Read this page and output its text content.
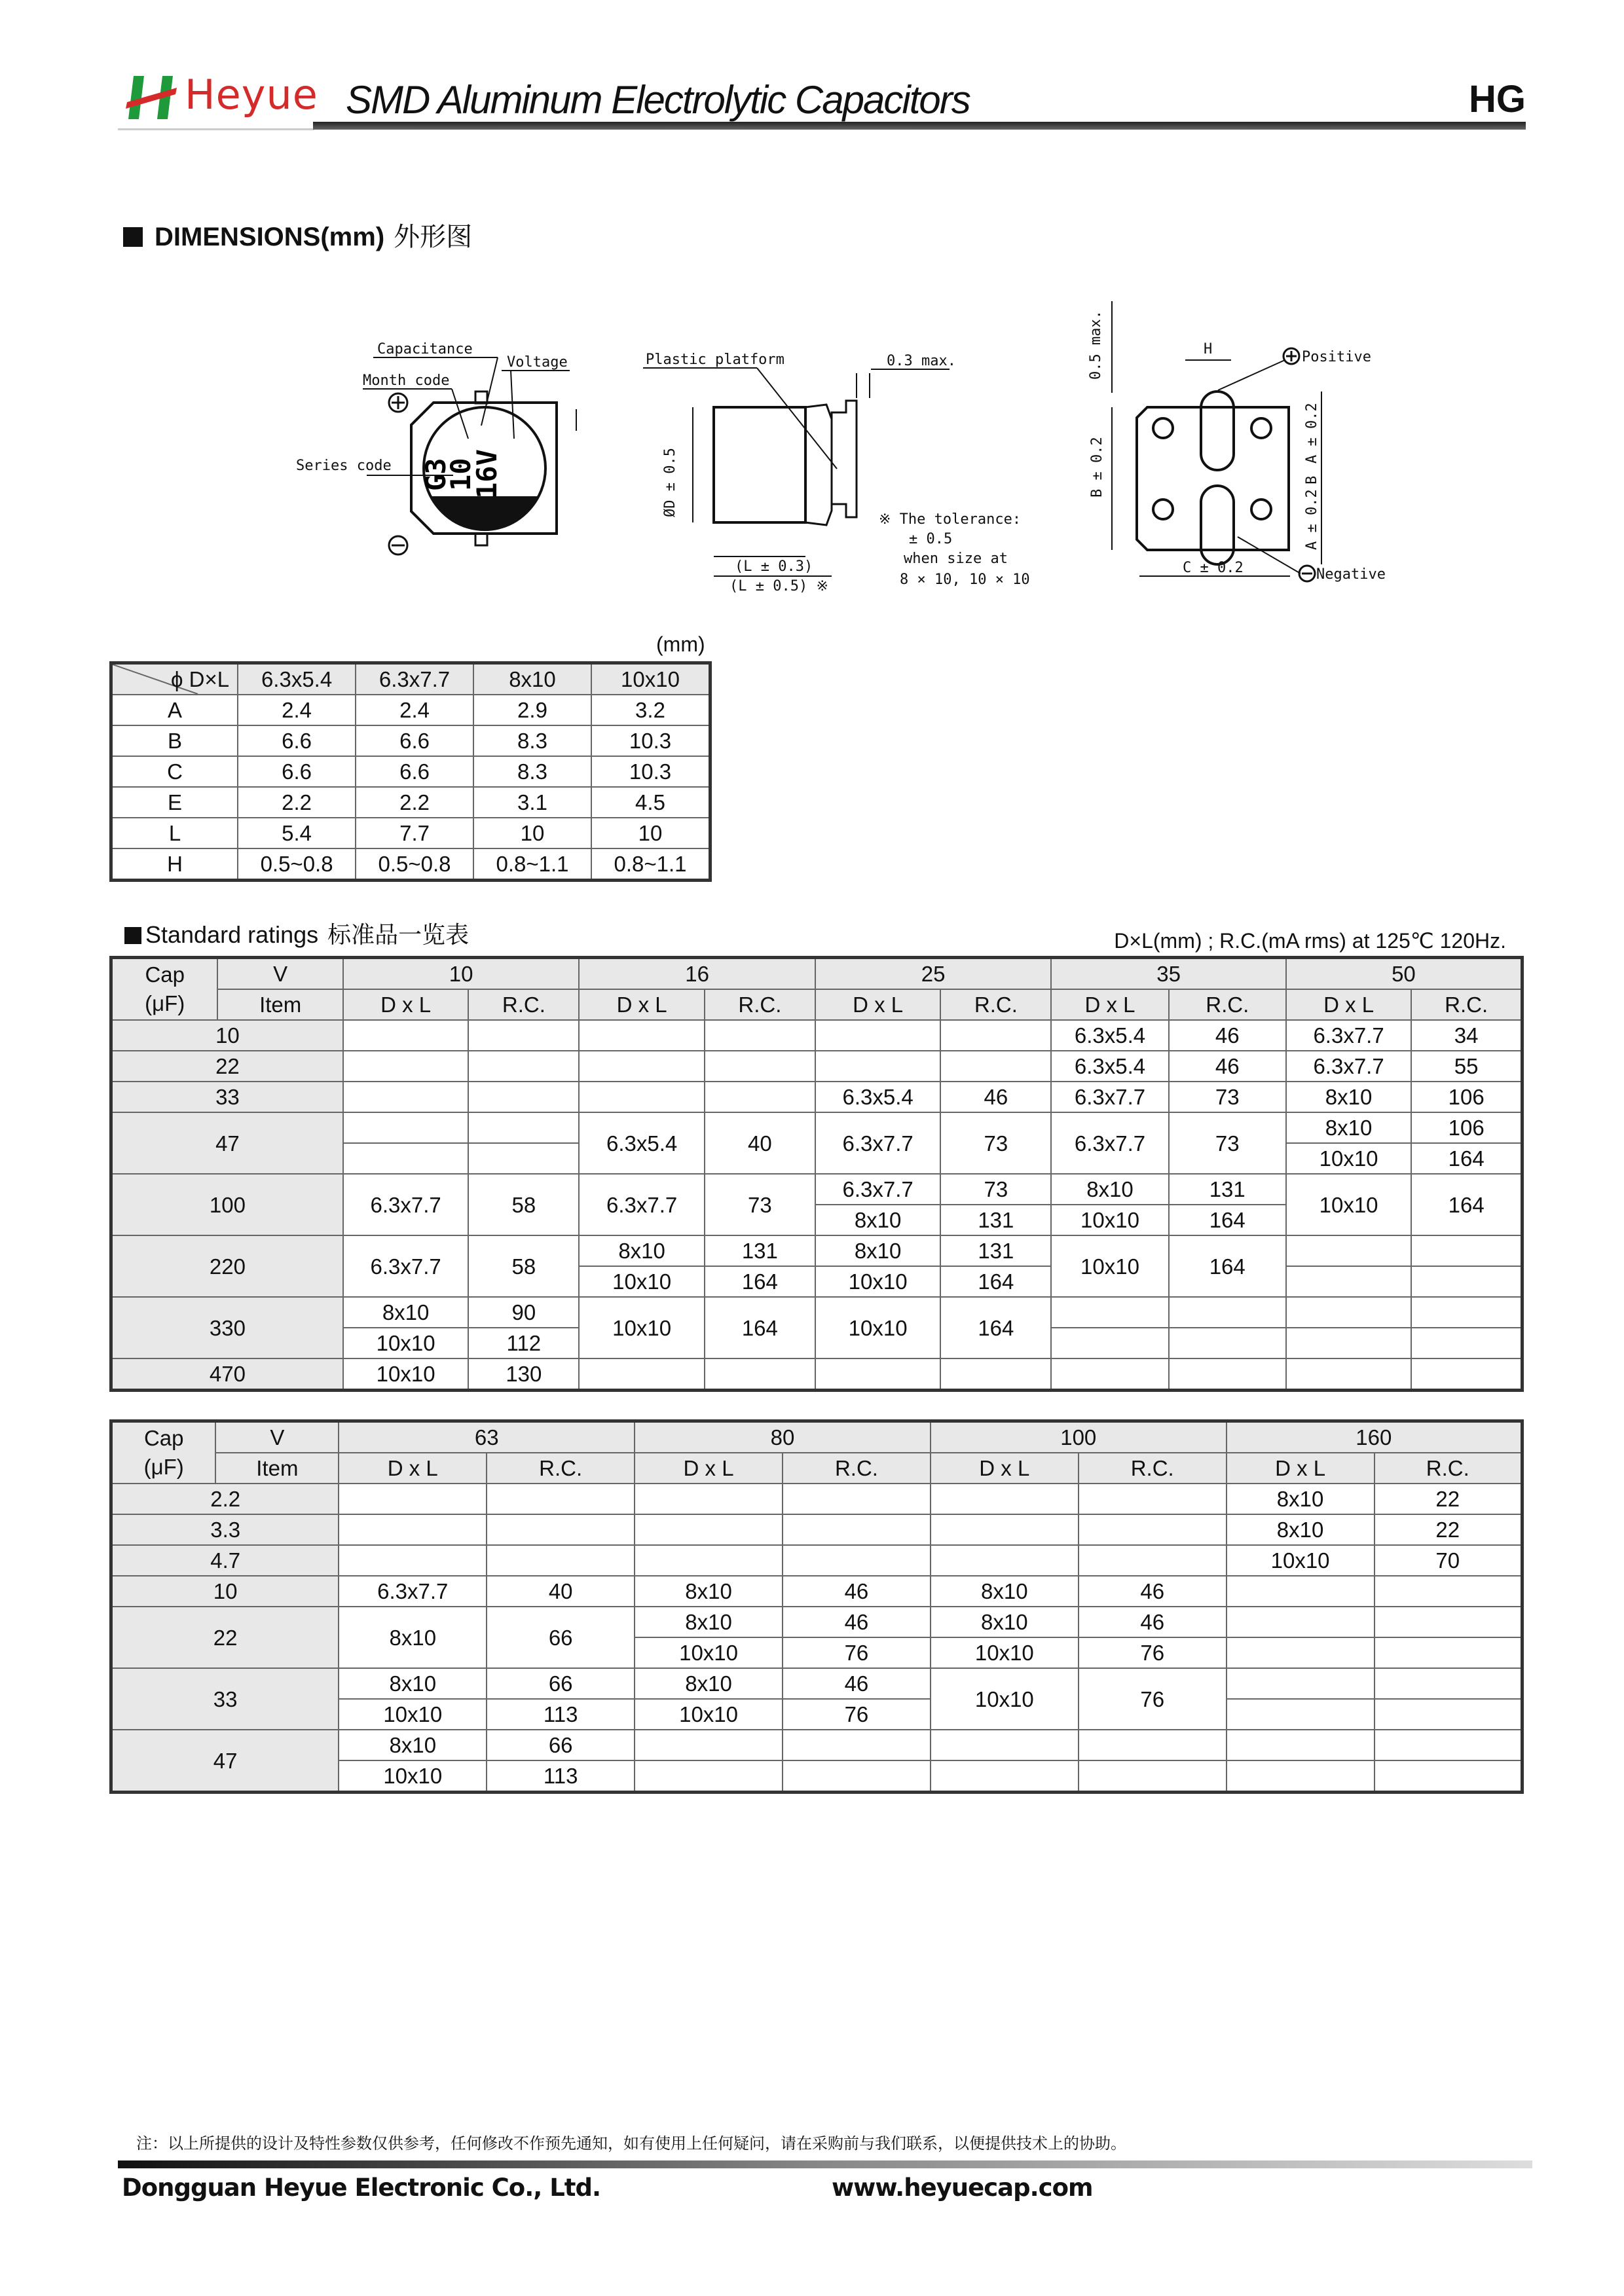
Heyue SMD Aluminum Electrolytic Capacitors	HG
DIMENSIONS(mm) 外形图
Capacitance
Voltage
Month code
Series code G3
10
16V
Plastic platform	0.3 max.
ØD ± 0.5
(L ± 0.3)
(L ± 0.5) ※
※ The tolerance:
± 0.5
when size at
8 × 10, 10 × 10
0.5 max.	H	Positive
B ± 0.2
A ± 0.2
B
A ± 0.2
C ± 0.2	Negative
(mm)
ϕ D×L	6.3x5.4	6.3x7.7	8x10	10x10
A	2.4	2.4	2.9	3.2
B	6.6	6.6	8.3	10.3
C	6.6	6.6	8.3	10.3
E	2.2	2.2	3.1	4.5
L	5.4	7.7	10	10
H	0.5~0.8	0.5~0.8	0.8~1.1	0.8~1.1
Standard ratings 标准品一览表	D×L(mm) ; R.C.(mA rms) at 125℃ 120Hz.
Cap
(μF)	V	10		16		25		35		50	
	Item	D x L	R.C.	D x L	R.C.	D x L	R.C.	D x L	R.C.	D x L	R.C.
10								6.3x5.4	46	6.3x7.7	34
22								6.3x5.4	46	6.3x7.7	55
33						6.3x5.4	46	6.3x7.7	73	8x10	106
47				6.3x5.4	40	6.3x7.7	73	6.3x7.7	73	8x10	106
										10x10	164
100		6.3x7.7	58	6.3x7.7	73	6.3x7.7	73	8x10	131	10x10	164
						8x10	131	10x10	164		
220		6.3x7.7	58	8x10	131	8x10	131	10x10	164		
				10x10	164	10x10	164				
330		8x10	90	10x10	164	10x10	164				
		10x10	112								
470		10x10	130								
Cap
(μF)	V	63		80		100		160	
	Item	D x L	R.C.	D x L	R.C.	D x L	R.C.	D x L	R.C.
2.2								8x10	22
3.3								8x10	22
4.7								10x10	70
10		6.3x7.7	40	8x10	46	8x10	46		
22		8x10	66	8x10	46	8x10	46		
				10x10	76	10x10	76		
33		8x10	66	8x10	46	10x10	76		
		10x10	113	10x10	76				
47		8x10	66						
		10x10	113						
注：以上所提供的设计及特性参数仅供参考，任何修改不作预先通知，如有使用上任何疑问，请在采购前与我们联系，以便提供技术上的协助。
Dongguan Heyue Electronic Co., Ltd.	www.heyuecap.com
